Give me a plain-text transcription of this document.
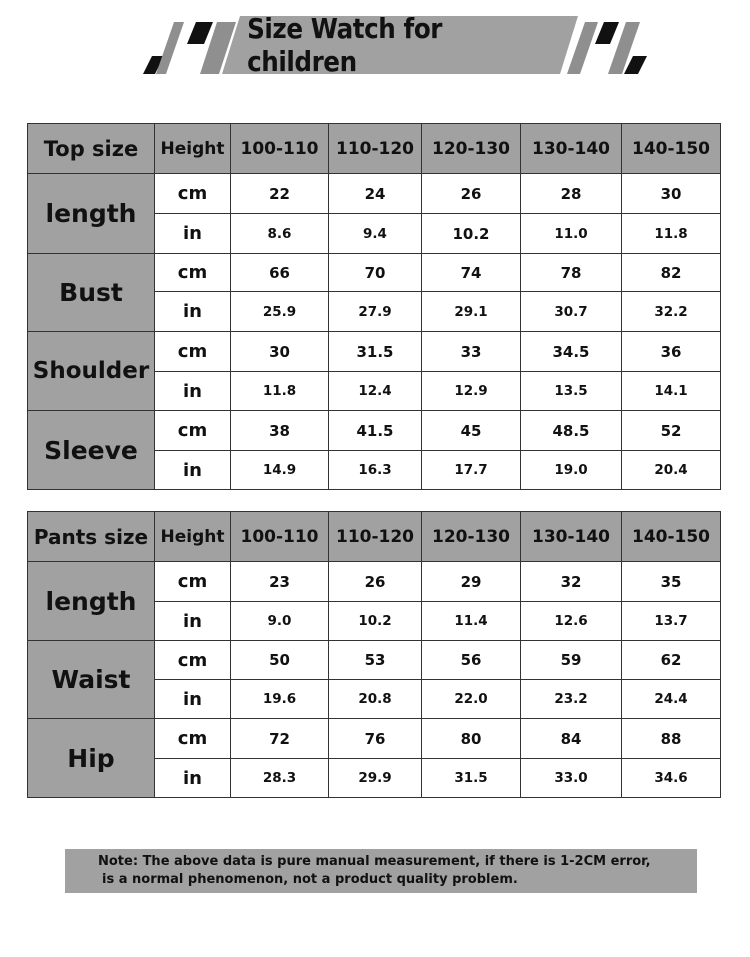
Size Watch for children
Top size	Height	100-110	110-120	120-130	130-140	140-150
length	cm	22	24	26	28	30
	in	8.6	9.4	10.2	11.0	11.8
Bust	cm	66	70	74	78	82
	in	25.9	27.9	29.1	30.7	32.2
Shoulder	cm	30	31.5	33	34.5	36
	in	11.8	12.4	12.9	13.5	14.1
Sleeve	cm	38	41.5	45	48.5	52
	in	14.9	16.3	17.7	19.0	20.4
Pants size	Height	100-110	110-120	120-130	130-140	140-150
length	cm	23	26	29	32	35
	in	9.0	10.2	11.4	12.6	13.7
Waist	cm	50	53	56	59	62
	in	19.6	20.8	22.0	23.2	24.4
Hip	cm	72	76	80	84	88
	in	28.3	29.9	31.5	33.0	34.6
Note: The above data is pure manual measurement, if there is 1-2CM error,
is a normal phenomenon, not a product quality problem.
